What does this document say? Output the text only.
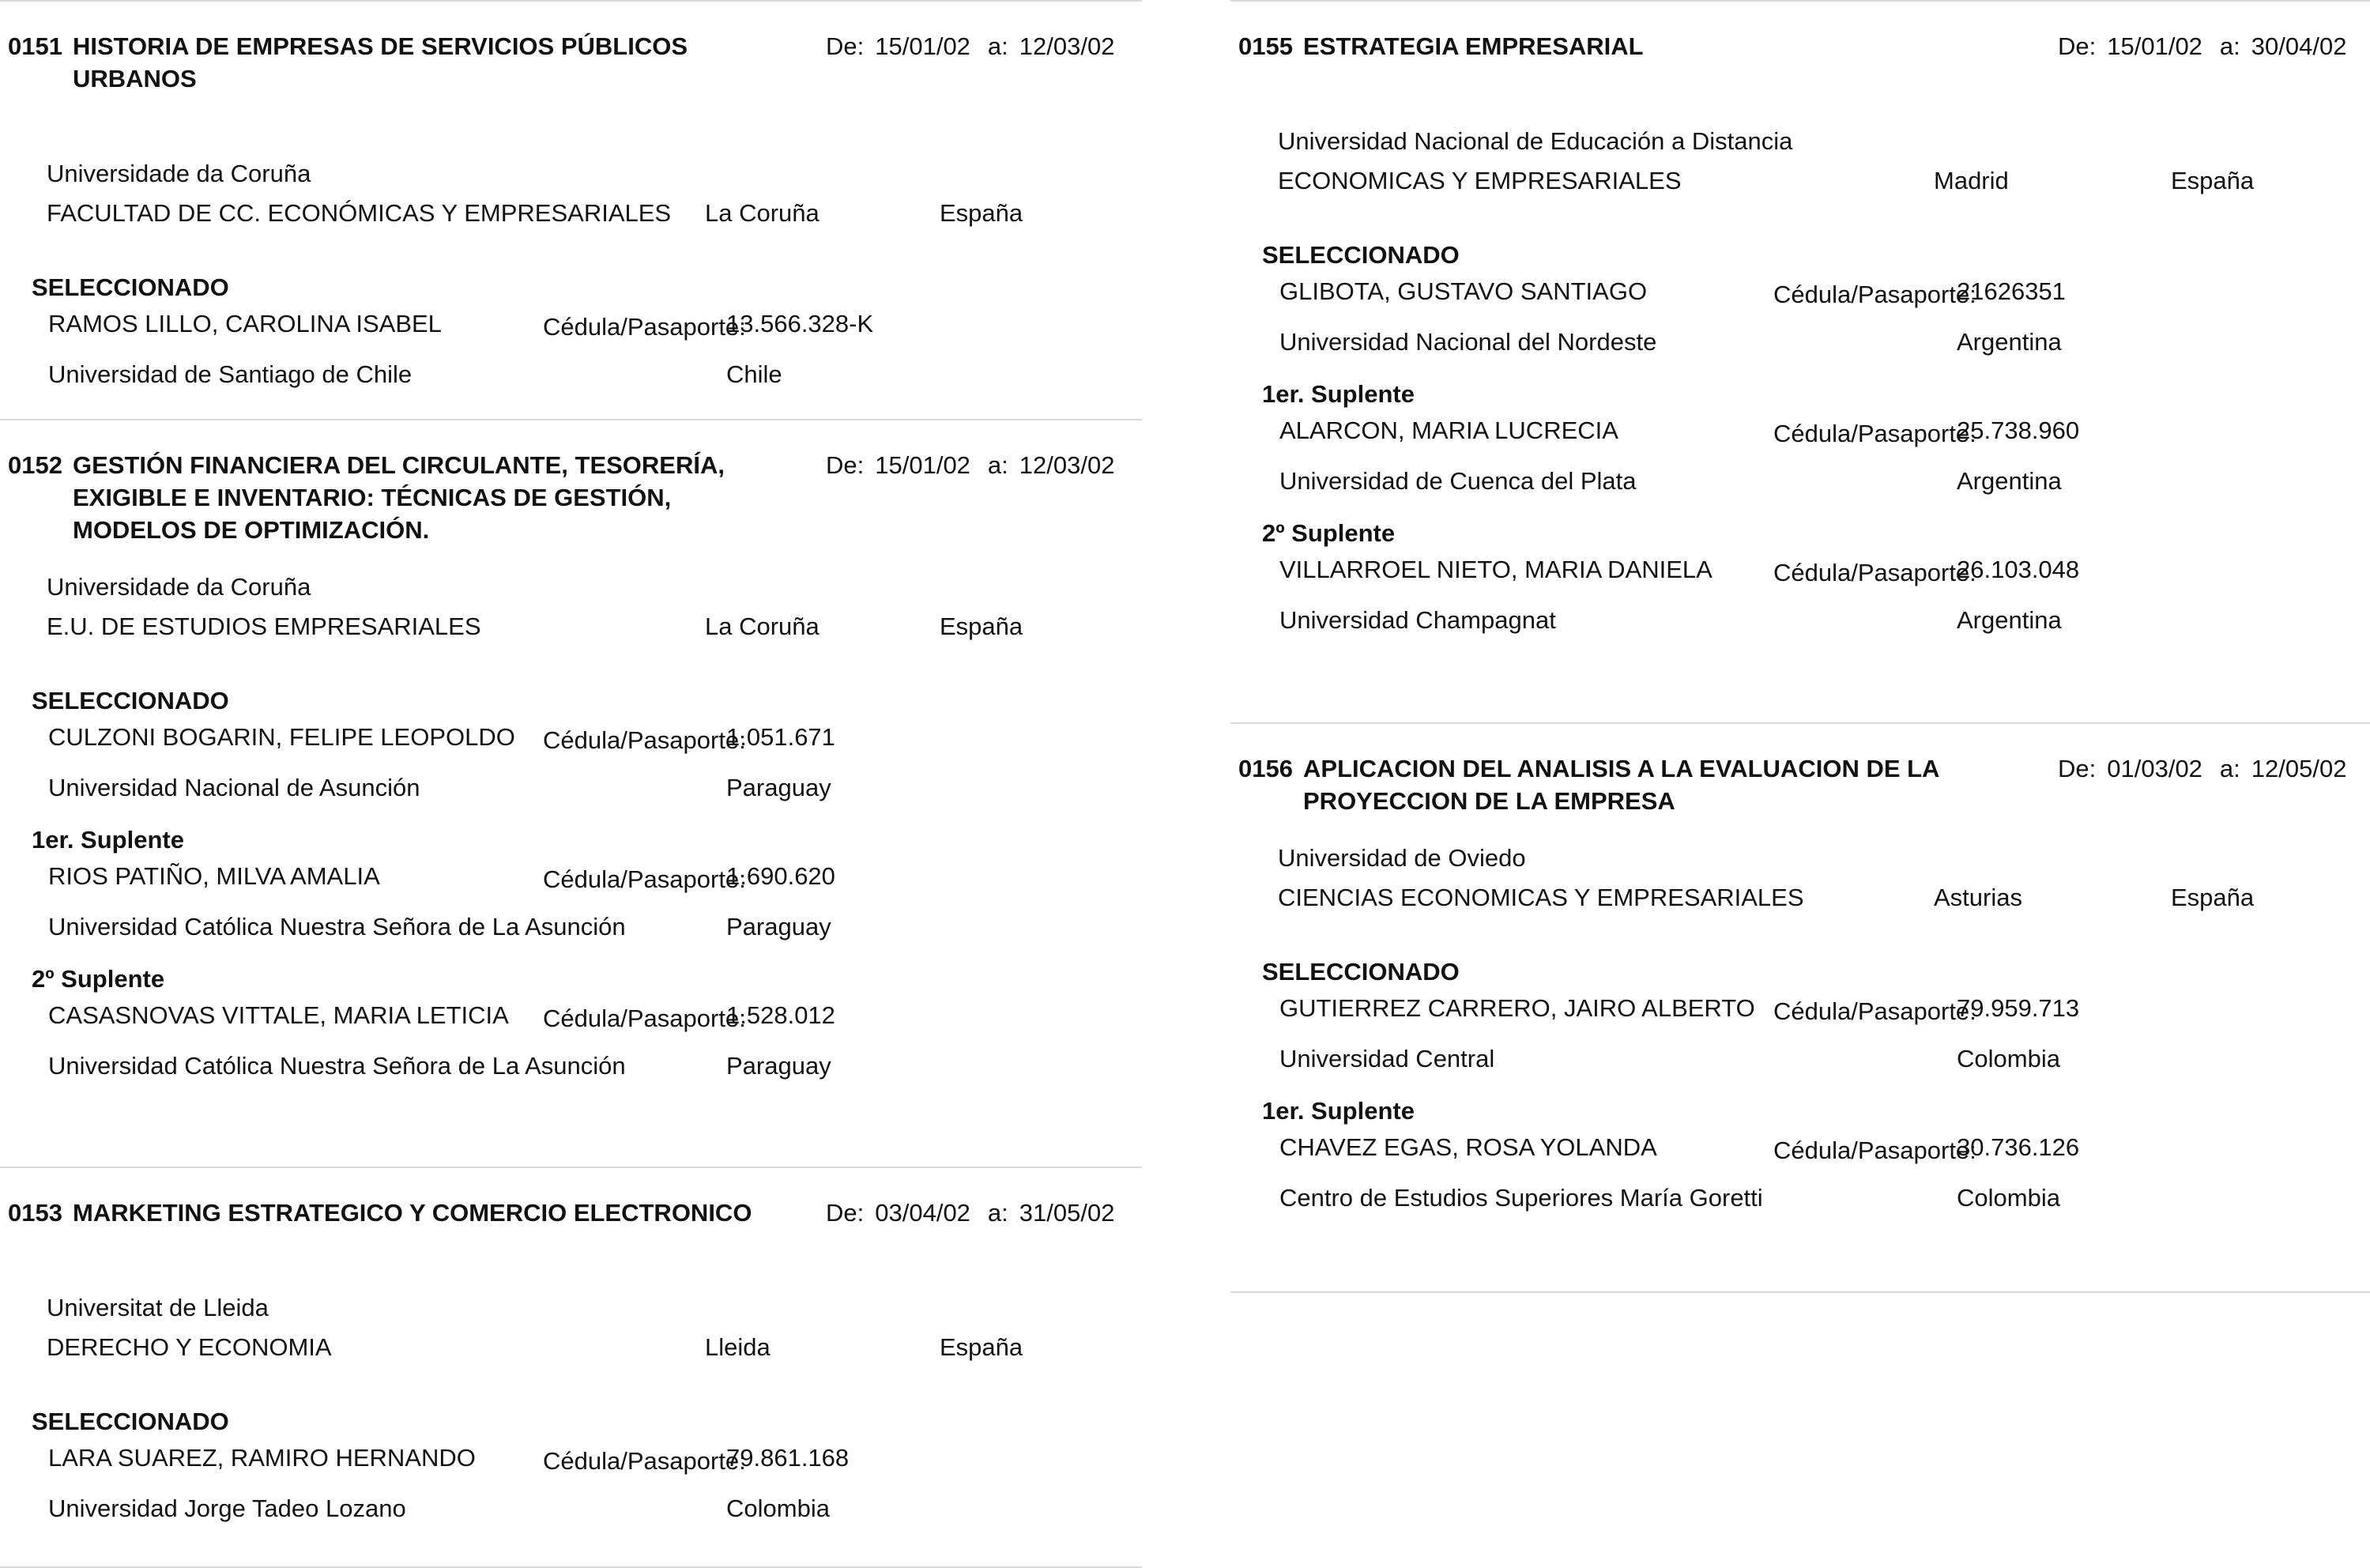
0151 HISTORIA DE EMPRESAS DE SERVICIOS PÚBLICOS URBANOS
De: 15/01/02 a: 12/03/02
Universidade da Coruña
FACULTAD DE CC. ECONÓMICAS Y EMPRESARIALES La Coruña	España
SELECCIONADO
RAMOS LILLO, CAROLINA ISABEL	Cédula/Pasaporte:
13.566.328-K
Universidad de Santiago de Chile	Chile
0152 GESTIÓN FINANCIERA DEL CIRCULANTE, TESORERÍA, EXIGIBLE E INVENTARIO: TÉCNICAS DE GESTIÓN, MODELOS DE OPTIMIZACIÓN.
De: 15/01/02 a: 12/03/02
Universidade da Coruña
E.U. DE ESTUDIOS EMPRESARIALES	La Coruña	España
SELECCIONADO
CULZONI BOGARIN, FELIPE LEOPOLDO Cédula/Pasaporte:
1.051.671
Universidad Nacional de Asunción	Paraguay
1er. Suplente
RIOS PATIÑO, MILVA AMALIA	Cédula/Pasaporte:
1.690.620
Universidad Católica Nuestra Señora de La Asunción	Paraguay
2º Suplente
CASASNOVAS VITTALE, MARIA LETICIA Cédula/Pasaporte:
1.528.012
Universidad Católica Nuestra Señora de La Asunción	Paraguay
0153 MARKETING ESTRATEGICO Y COMERCIO ELECTRONICO	De: 03/04/02 a: 31/05/02
Universitat de Lleida
DERECHO Y ECONOMIA	Lleida	España
SELECCIONADO
LARA SUAREZ, RAMIRO HERNANDO	Cédula/Pasaporte:
79.861.168
Universidad Jorge Tadeo Lozano	Colombia
0155 ESTRATEGIA EMPRESARIAL	De: 15/01/02 a: 30/04/02
Universidad Nacional de Educación a Distancia
ECONOMICAS Y EMPRESARIALES	Madrid	España
SELECCIONADO
GLIBOTA, GUSTAVO SANTIAGO	Cédula/Pasaporte:
21626351
Universidad Nacional del Nordeste	Argentina
1er. Suplente
ALARCON, MARIA LUCRECIA	Cédula/Pasaporte:
25.738.960
Universidad de Cuenca del Plata	Argentina
2º Suplente
VILLARROEL NIETO, MARIA DANIELA Cédula/Pasaporte:
26.103.048
Universidad Champagnat	Argentina
0156 APLICACION DEL ANALISIS A LA EVALUACION DE LA PROYECCION DE LA EMPRESA
De: 01/03/02 a: 12/05/02
Universidad de Oviedo
CIENCIAS ECONOMICAS Y EMPRESARIALES	Asturias	España
SELECCIONADO
GUTIERREZ CARRERO, JAIRO ALBERTO Cédula/Pasaporte:
79.959.713
Universidad Central	Colombia
1er. Suplente
CHAVEZ EGAS, ROSA YOLANDA	Cédula/Pasaporte:
30.736.126
Centro de Estudios Superiores María Goretti	Colombia
